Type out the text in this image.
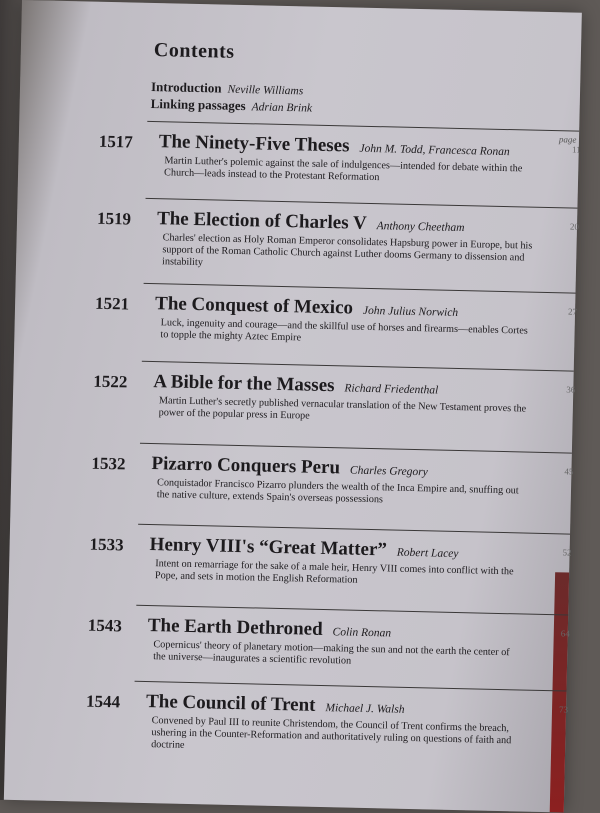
Contents
Introduction Neville Williams
Linking passages Adrian Brink
page
1517 The Ninety-Five Theses John M. Todd, Francesca Ronan
Martin Luther's polemic against the sale of indulgences—intended for debate within the Church—leads instead to the Protestant Reformation
11
1519 The Election of Charles V Anthony Cheetham
Charles' election as Holy Roman Emperor consolidates Hapsburg power in Europe, but his support of the Roman Catholic Church against Luther dooms Germany to dissension and instability
20
1521 The Conquest of Mexico John Julius Norwich
Luck, ingenuity and courage—and the skillful use of horses and firearms—enables Cortes to topple the mighty Aztec Empire
27
1522 A Bible for the Masses Richard Friedenthal
Martin Luther's secretly published vernacular translation of the New Testament proves the power of the popular press in Europe
36
1532 Pizarro Conquers Peru Charles Gregory
Conquistador Francisco Pizarro plunders the wealth of the Inca Empire and, snuffing out the native culture, extends Spain's overseas possessions
45
1533 Henry VIII's “Great Matter” Robert Lacey
Intent on remarriage for the sake of a male heir, Henry VIII comes into conflict with the Pope, and sets in motion the English Reformation
52
1543 The Earth Dethroned Colin Ronan
Copernicus' theory of planetary motion—making the sun and not the earth the center of the universe—inaugurates a scientific revolution
64
1544 The Council of Trent Michael J. Walsh
Convened by Paul III to reunite Christendom, the Council of Trent confirms the breach, ushering in the Counter-Reformation and authoritatively ruling on questions of faith and doctrine
73
